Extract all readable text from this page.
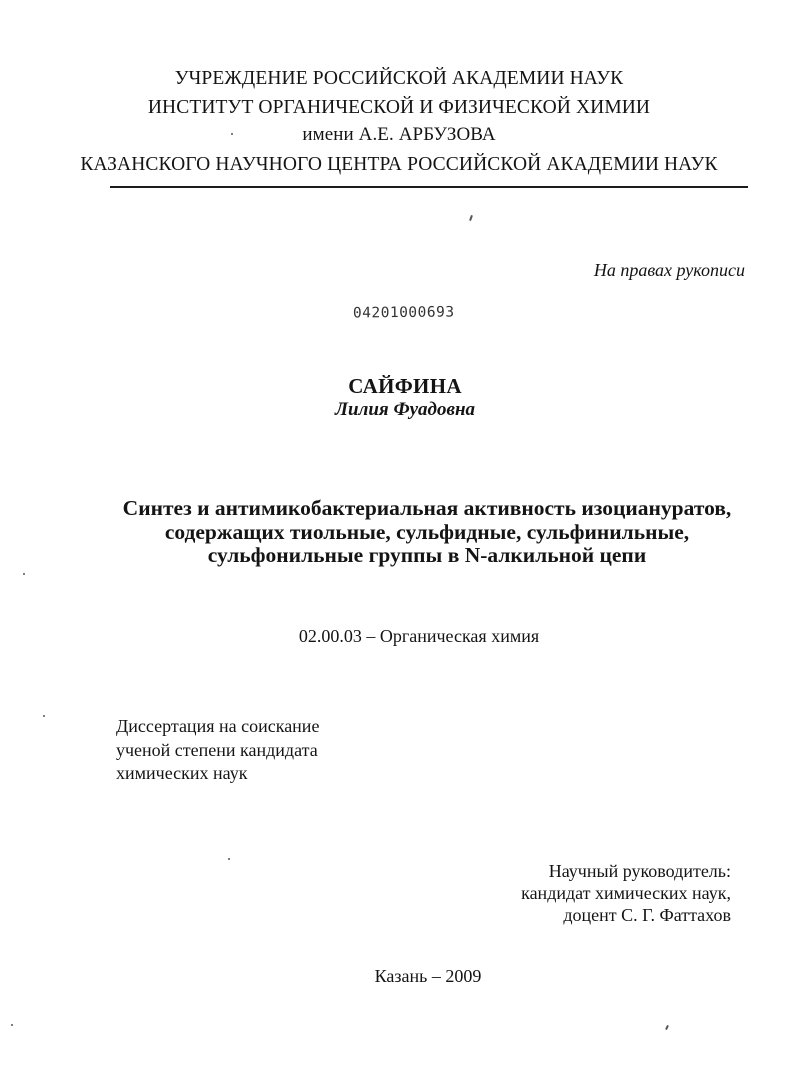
УЧРЕЖДЕНИЕ РОССИЙСКОЙ АКАДЕМИИ НАУК

ИНСТИТУТ ОРГАНИЧЕСКОЙ И ФИЗИЧЕСКОЙ ХИМИИ

имени А.Е. АРБУЗОВА

КАЗАНСКОГО НАУЧНОГО ЦЕНТРА РОССИЙСКОЙ АКАДЕМИИ НАУК

На правах рукописи

04201000693

САЙФИНА

Лилия Фуадовна

Синтез и антимикобактериальная активность изоциануратов,

содержащих тиольные, сульфидные, сульфинильные,

сульфонильные группы в N-алкильной цепи

02.00.03 – Органическая химия

Диссертация на соискание

ученой степени кандидата

химических наук

Научный руководитель:

кандидат химических наук,

доцент С. Г. Фаттахов

Казань – 2009
